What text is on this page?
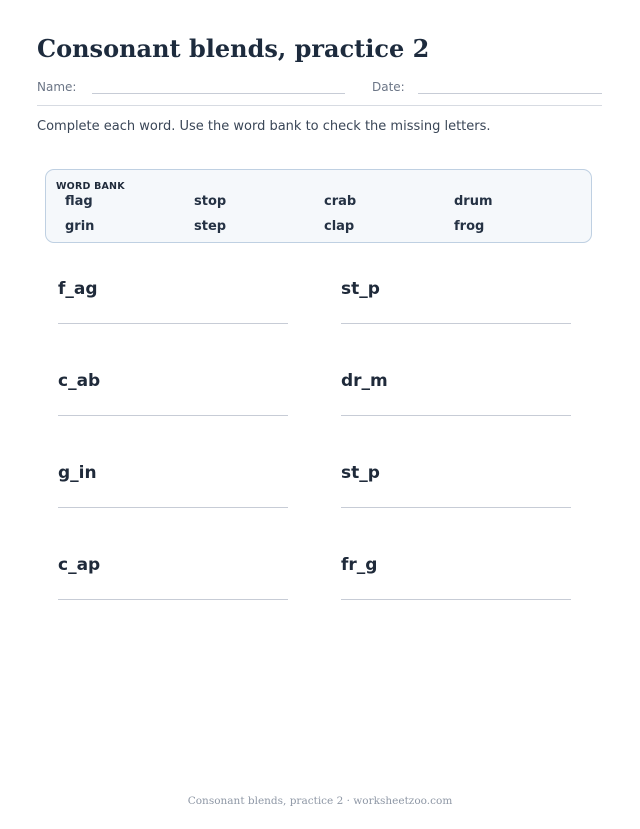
Consonant blends, practice 2
Name:	Date:
Complete each word. Use the word bank to check the missing letters.
WORD BANK
flag	stop	crab	drum
grin	step	clap	frog
f_ag	st_p
c_ab	dr_m
g_in	st_p
c_ap	fr_g
Consonant blends, practice 2 · worksheetzoo.com
